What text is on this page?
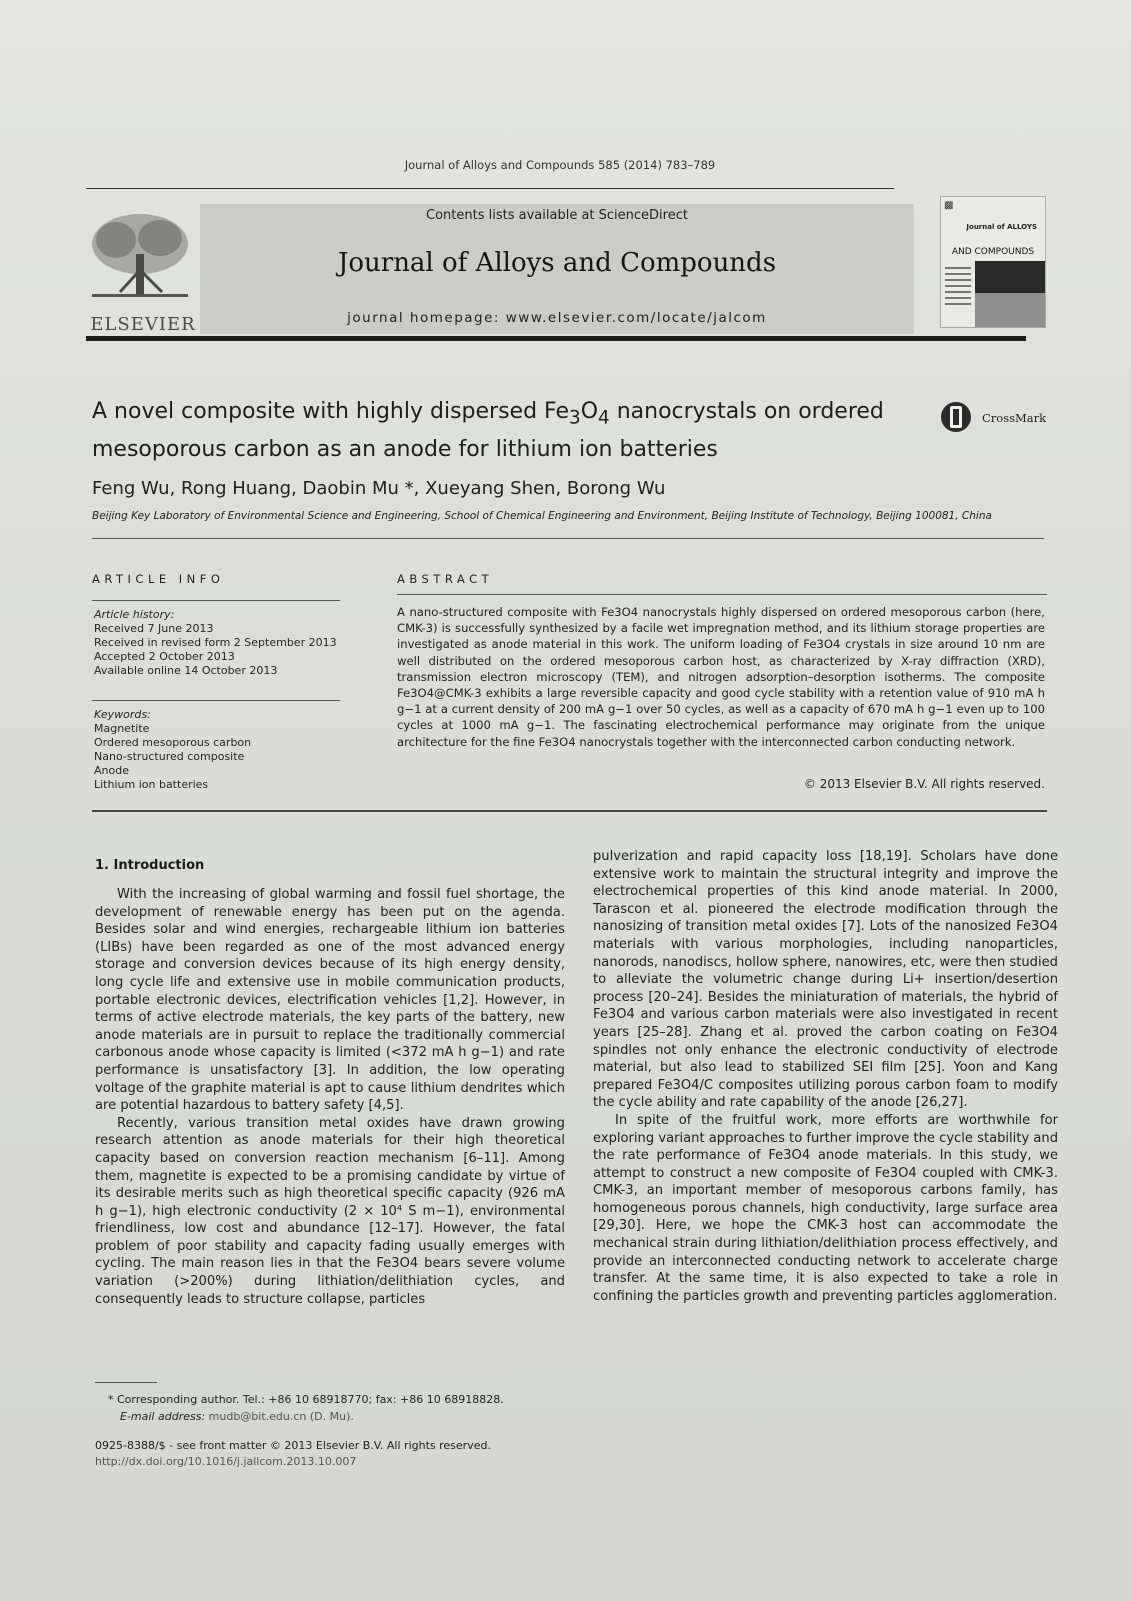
Journal of Alloys and Compounds 585 (2014) 783–789
ELSEVIER
Contents lists available at ScienceDirect
Journal of Alloys and Compounds
journal homepage: www.elsevier.com/locate/jalcom
▩
Journal of ALLOYS
AND COMPOUNDS
A novel composite with highly dispersed $Fe_3O_4$ nanocrystals on ordered mesoporous carbon as an anode for lithium ion batteries
CrossMark
Feng Wu, Rong Huang, Daobin Mu *, Xueyang Shen, Borong Wu
Beijing Key Laboratory of Environmental Science and Engineering, School of Chemical Engineering and Environment, Beijing Institute of Technology, Beijing 100081, China
ARTICLE INFO
Article history:
Received 7 June 2013
Received in revised form 2 September 2013
Accepted 2 October 2013
Available online 14 October 2013
Keywords:
Magnetite
Ordered mesoporous carbon
Nano-structured composite
Anode
Lithium ion batteries
ABSTRACT
A nano-structured composite with Fe3O4 nanocrystals highly dispersed on ordered mesoporous carbon (here, CMK-3) is successfully synthesized by a facile wet impregnation method, and its lithium storage properties are investigated as anode material in this work. The uniform loading of Fe3O4 crystals in size around 10 nm are well distributed on the ordered mesoporous carbon host, as characterized by X-ray diffraction (XRD), transmission electron microscopy (TEM), and nitrogen adsorption–desorption isotherms. The composite Fe3O4@CMK-3 exhibits a large reversible capacity and good cycle stability with a retention value of 910 mA h g−1 at a current density of 200 mA g−1 over 50 cycles, as well as a capacity of 670 mA h g−1 even up to 100 cycles at 1000 mA g−1. The fascinating electrochemical performance may originate from the unique architecture for the fine Fe3O4 nanocrystals together with the interconnected carbon conducting network.
© 2013 Elsevier B.V. All rights reserved.
1. Introduction

With the increasing of global warming and fossil fuel shortage, the development of renewable energy has been put on the agenda. Besides solar and wind energies, rechargeable lithium ion batteries (LIBs) have been regarded as one of the most advanced energy storage and conversion devices because of its high energy density, long cycle life and extensive use in mobile communication products, portable electronic devices, electrification vehicles [1,2]. However, in terms of active electrode materials, the key parts of the battery, new anode materials are in pursuit to replace the traditionally commercial carbonous anode whose capacity is limited (<372 mA h g−1) and rate performance is unsatisfactory [3]. In addition, the low operating voltage of the graphite material is apt to cause lithium dendrites which are potential hazardous to battery safety [4,5].

Recently, various transition metal oxides have drawn growing research attention as anode materials for their high theoretical capacity based on conversion reaction mechanism [6–11]. Among them, magnetite is expected to be a promising candidate by virtue of its desirable merits such as high theoretical specific capacity (926 mA h g−1), high electronic conductivity (2 × 10⁴ S m−1), environmental friendliness, low cost and abundance [12–17]. However, the fatal problem of poor stability and capacity fading usually emerges with cycling. The main reason lies in that the Fe3O4 bears severe volume variation (>200%) during lithiation/delithiation cycles, and consequently leads to structure collapse, particles

pulverization and rapid capacity loss [18,19]. Scholars have done extensive work to maintain the structural integrity and improve the electrochemical properties of this kind anode material. In 2000, Tarascon et al. pioneered the electrode modification through the nanosizing of transition metal oxides [7]. Lots of the nanosized Fe3O4 materials with various morphologies, including nanoparticles, nanorods, nanodiscs, hollow sphere, nanowires, etc, were then studied to alleviate the volumetric change during Li+ insertion/desertion process [20–24]. Besides the miniaturation of materials, the hybrid of Fe3O4 and various carbon materials were also investigated in recent years [25–28]. Zhang et al. proved the carbon coating on Fe3O4 spindles not only enhance the electronic conductivity of electrode material, but also lead to stabilized SEI film [25]. Yoon and Kang prepared Fe3O4/C composites utilizing porous carbon foam to modify the cycle ability and rate capability of the anode [26,27].

In spite of the fruitful work, more efforts are worthwhile for exploring variant approaches to further improve the cycle stability and the rate performance of Fe3O4 anode materials. In this study, we attempt to construct a new composite of Fe3O4 coupled with CMK-3. CMK-3, an important member of mesoporous carbons family, has homogeneous porous channels, high conductivity, large surface area [29,30]. Here, we hope the CMK-3 host can accommodate the mechanical strain during lithiation/delithiation process effectively, and provide an interconnected conducting network to accelerate charge transfer. At the same time, it is also expected to take a role in confining the particles growth and preventing particles agglomeration.

* Corresponding author. Tel.: +86 10 68918770; fax: +86 10 68918828.
E-mail address: mudb@bit.edu.cn (D. Mu).
0925-8388/$ - see front matter © 2013 Elsevier B.V. All rights reserved.
http://dx.doi.org/10.1016/j.jallcom.2013.10.007
